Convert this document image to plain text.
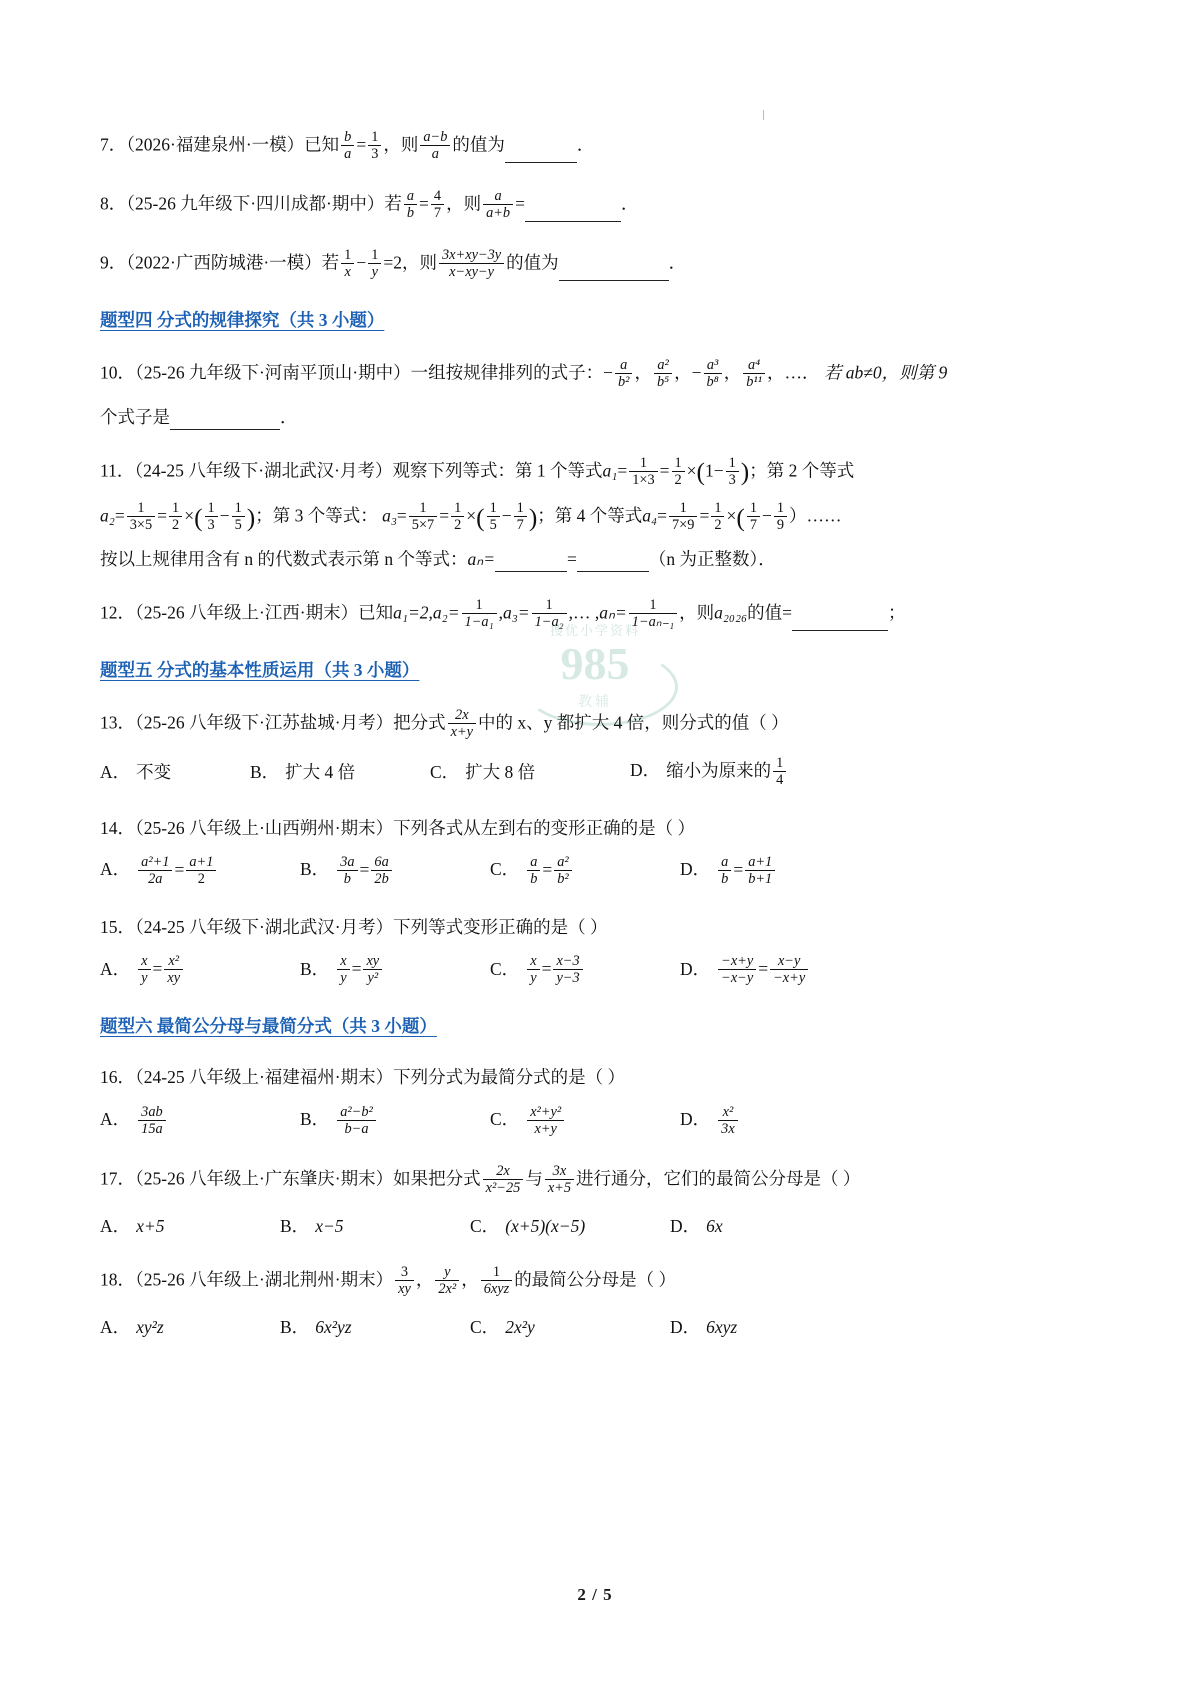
搜优小学资料
985
教辅
7．（2026·福建泉州·一模）已知 $\frac{b}{a} = \frac{1}{3}$ ，则 $\frac{a-b}{a}$ 的值为	．
8．（25-26 九年级下·四川成都·期中）若 $\frac{a}{b} = \frac{4}{7}$ ，则 $\frac{a}{a+b}$ =	．
9．（2022·广西防城港·一模）若 $\frac{1}{x} - \frac{1}{y} =2$，则 $\frac{3x+xy-3y}{x-xy-y}$ 的值为	．
题型四 分式的规律探究（共 3 小题）
10．（25-26 九年级下·河南平顶山·期中）一组按规律排列的式子：− $\frac{a}{\text{b²}}$ ， $\frac{\text{a²}}{\text{b⁵}}$ ，− $\frac{\text{a³}}{\text{b⁸}}$ ， $\frac{\text{a⁴}}{\text{b¹¹}}$ ，…． 若 ab≠0，则第 9
个式子是	．
11．（24-25 八年级下·湖北武汉·月考）观察下列等式：第 1 个等式$a_1= \frac{1}{1\times 3} = \frac{1}{2} \times(1- \frac{1}{3}$ )；第 2 个等式
$a_2= \frac{1}{3\times 5} = \frac{1}{2}$ ×( $\frac{1}{3} - \frac{1}{5}$ )；第 3 个等式： $a_3= \frac{1}{5\times 7} = \frac{1}{2}$ ×( $\frac{1}{5} - \frac{1}{7}$ )；第 4 个等式$a_4= \frac{1}{7\times 9} = \frac{1}{2}$ ×( $\frac{1}{7} - \frac{1}{9}$ ）……
按以上规律用含有 n 的代数式表示第 n 个等式：aₙ=	=	（n 为正整数）．
12．（25-26 八年级上·江西·期末）已知$a_1=2,a_2= \frac{1}{\text{1−a₁}} ,a_3= \frac{1}{\text{1−a₂}}$ ,… $,a_n= \frac{1}{\text{1−aₙ₋₁}}$ ，则a₂₀₂₆的值=	；
题型五 分式的基本性质运用（共 3 小题）
13．（25-26 八年级下·江苏盐城·月考）把分式 $\frac{2x}{x+y}$ 中的 x、y 都扩大 4 倍，则分式的值（ ）
A． 不变	B． 扩大 4 倍	C． 扩大 8 倍	D． 缩小为原来的 $\frac{1}{4}$
14．（25-26 八年级上·山西朔州·期末）下列各式从左到右的变形正确的是（ ）
A． $\frac{\text{a²+1}}{2a} = \frac{a+1}{2}$	B． $\frac{3a}{b} = \frac{6a}{2b}$	C． $\frac{a}{b} = \frac{\text{a²}}{\text{b²}}$	D． $\frac{a}{b} = \frac{a+1}{b+1}$
15．（24-25 八年级下·湖北武汉·月考）下列等式变形正确的是（ ）
A． $\frac{x}{y} = \frac{\text{x²}}{xy}$	B． $\frac{x}{y} = \frac{xy}{\text{y²}}$	C． $\frac{x}{y} = \frac{x-3}{y-3}$	D． $\frac{-x+y}{-x-y} = \frac{x-y}{-x+y}$
题型六 最简公分母与最简分式（共 3 小题）
16．（24-25 八年级上·福建福州·期末）下列分式为最简分式的是（ ）
A． $\frac{3ab}{15a}$	B． $\frac{\text{a²−b²}}{b-a}$	C． $\frac{\text{x²+y²}}{x+y}$	D． $\frac{\text{x²}}{3x}$
17．（25-26 八年级上·广东肇庆·期末）如果把分式 $\frac{2x}{\text{x²−25}}$ 与 $\frac{3x}{x+5}$ 进行通分，它们的最简公分母是（ ）
A． x+5	B． x−5	C． (x+5)(x−5)	D． 6x
18．（25-26 八年级上·湖北荆州·期末） $\frac{3}{xy}$ ， $\frac{y}{\text{2x²}}$ ， $\frac{1}{\text{6xyz}}$ 的最简公分母是（ ）
A． xy²z	B． 6x²yz	C． 2x²y	D． 6xyz
2 / 5
